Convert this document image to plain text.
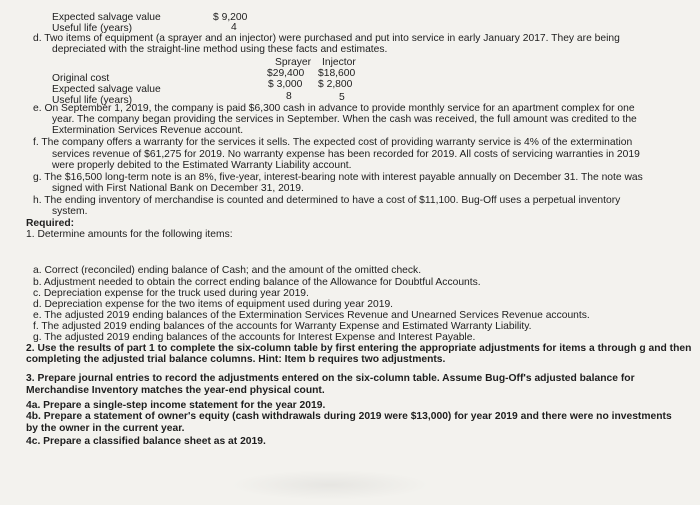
Expected salvage value	$ 9,200
Useful life (years)	4
d. Two items of equipment (a sprayer and an injector) were purchased and put into service in early January 2017. They are being
depreciated with the straight-line method using these facts and estimates.
Sprayer Injector
Original cost	$29,400 $18,600
Expected salvage value	$ 3,000 $ 2,800
Useful life (years)	8	5
e. On September 1, 2019, the company is paid $6,300 cash in advance to provide monthly service for an apartment complex for one
year. The company began providing the services in September. When the cash was received, the full amount was credited to the
Extermination Services Revenue account.
f. The company offers a warranty for the services it sells. The expected cost of providing warranty service is 4% of the extermination
services revenue of $61,275 for 2019. No warranty expense has been recorded for 2019. All costs of servicing warranties in 2019
were properly debited to the Estimated Warranty Liability account.
g. The $16,500 long-term note is an 8%, five-year, interest-bearing note with interest payable annually on December 31. The note was
signed with First National Bank on December 31, 2019.
h. The ending inventory of merchandise is counted and determined to have a cost of $11,100. Bug-Off uses a perpetual inventory
system.
Required:
1. Determine amounts for the following items:
a. Correct (reconciled) ending balance of Cash; and the amount of the omitted check.
b. Adjustment needed to obtain the correct ending balance of the Allowance for Doubtful Accounts.
c. Depreciation expense for the truck used during year 2019.
d. Depreciation expense for the two items of equipment used during year 2019.
e. The adjusted 2019 ending balances of the Extermination Services Revenue and Unearned Services Revenue accounts.
f. The adjusted 2019 ending balances of the accounts for Warranty Expense and Estimated Warranty Liability.
g. The adjusted 2019 ending balances of the accounts for Interest Expense and Interest Payable.
2. Use the results of part 1 to complete the six-column table by first entering the appropriate adjustments for items a through g and then
completing the adjusted trial balance columns. Hint: Item b requires two adjustments.
3. Prepare journal entries to record the adjustments entered on the six-column table. Assume Bug-Off's adjusted balance for
Merchandise Inventory matches the year-end physical count.
4a. Prepare a single-step income statement for the year 2019.
4b. Prepare a statement of owner's equity (cash withdrawals during 2019 were $13,000) for year 2019 and there were no investments
by the owner in the current year.
4c. Prepare a classified balance sheet as at 2019.
